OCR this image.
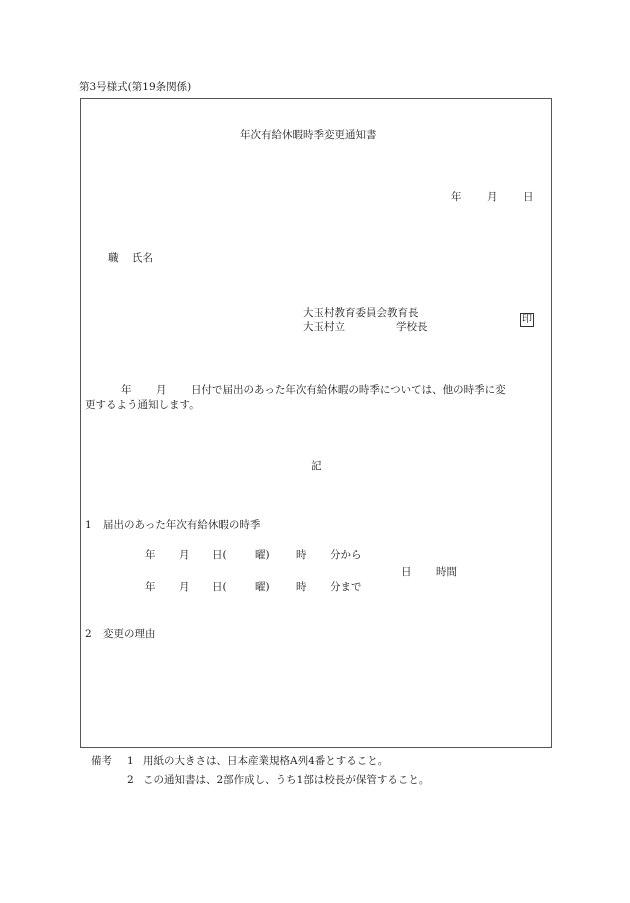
第3号様式(第19条関係)
年次有給休暇時季変更通知書
年 月 日
職 氏名
大玉村教育委員会教育長
大玉村立	学校長
印
年 月 日付で届出のあった年次有給休暇の時季については、他の時季に変
更するよう通知します。
記
1 届出のあった年次有給休暇の時季
年 月 日(	曜)	時 分から
日 時間
年 月 日(	曜)	時 分まで
2 変更の理由
備考 1 用紙の大きさは、日本産業規格A列4番とすること。
2 この通知書は、2部作成し、うち1部は校長が保管すること。
